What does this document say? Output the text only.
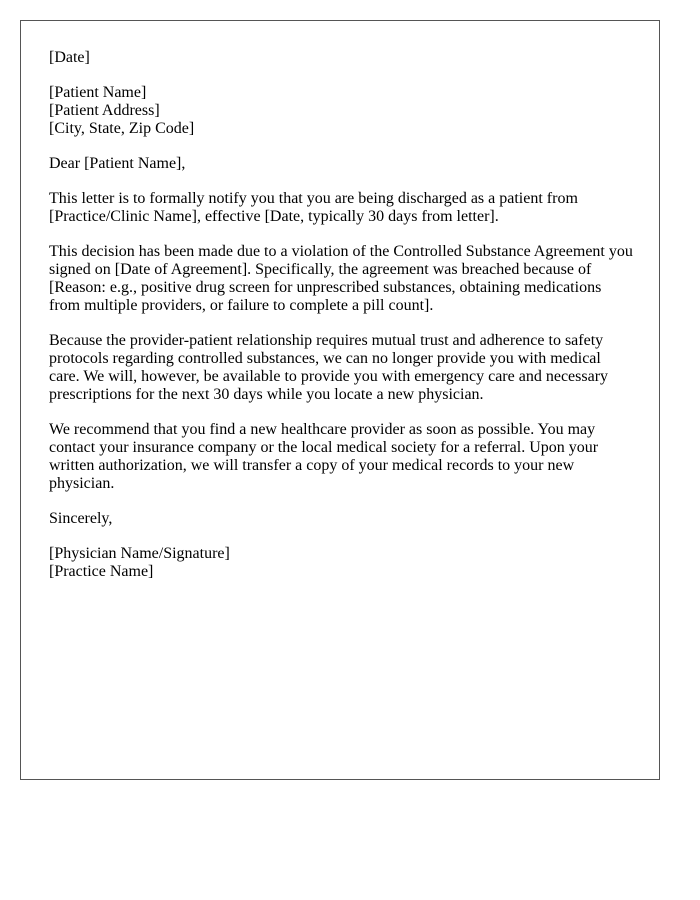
[Date]
[Patient Name]
[Patient Address]
[City, State, Zip Code]
Dear [Patient Name],
This letter is to formally notify you that you are being discharged as a patient from
[Practice/Clinic Name], effective [Date, typically 30 days from letter].
This decision has been made due to a violation of the Controlled Substance Agreement you
signed on [Date of Agreement]. Specifically, the agreement was breached because of
[Reason: e.g., positive drug screen for unprescribed substances, obtaining medications
from multiple providers, or failure to complete a pill count].
Because the provider-patient relationship requires mutual trust and adherence to safety
protocols regarding controlled substances, we can no longer provide you with medical
care. We will, however, be available to provide you with emergency care and necessary
prescriptions for the next 30 days while you locate a new physician.
We recommend that you find a new healthcare provider as soon as possible. You may
contact your insurance company or the local medical society for a referral. Upon your
written authorization, we will transfer a copy of your medical records to your new
physician.
Sincerely,
[Physician Name/Signature]
[Practice Name]
